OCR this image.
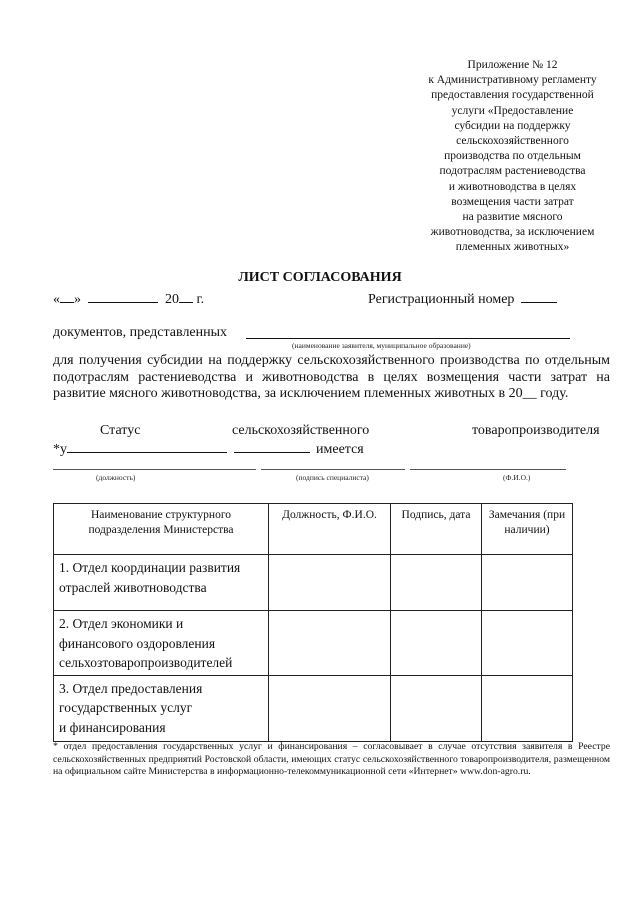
Приложение № 12
к Административному регламенту
предоставления государственной
услуги «Предоставление
субсидии на поддержку
сельскохозяйственного
производства по отдельным
подотраслям растениеводства
и животноводства в целях
возмещения части затрат
на развитие мясного
животноводства, за исключением
племенных животных»
ЛИСТ СОГЛАСОВАНИЯ
« »	20 г.	Регистрационный номер
документов, представленных
(наименование заявителя, муниципальное образование)
для получения субсидии на поддержку сельскохозяйственного производства по отдельным подотраслям растениеводства и животноводства в целях возмещения части затрат на развитие мясного животноводства, за исключением племенных животных в 20__ году.
Статус	сельскохозяйственного	товаропроизводителя
*у	имеется
(должность)	(подпись специалиста)	(Ф.И.О.)
Наименование структурного подразделения Министерства	Должность, Ф.И.О.	Подпись, дата	Замечания (при наличии)

1. Отдел координации развития
отраслей животноводства			

2. Отдел экономики и
финансового оздоровления
сельхозтоваропроизводителей			

3. Отдел предоставления
государственных услуг
и финансирования			

* отдел предоставления государственных услуг и финансирования – согласовывает в случае отсутствия заявителя в Реестре сельскохозяйственных предприятий Ростовской области, имеющих статус сельскохозяйственного товаропроизводителя, размещенном на официальном сайте Министерства в информационно-телекоммуникационной сети «Интернет» www.don-agro.ru.
